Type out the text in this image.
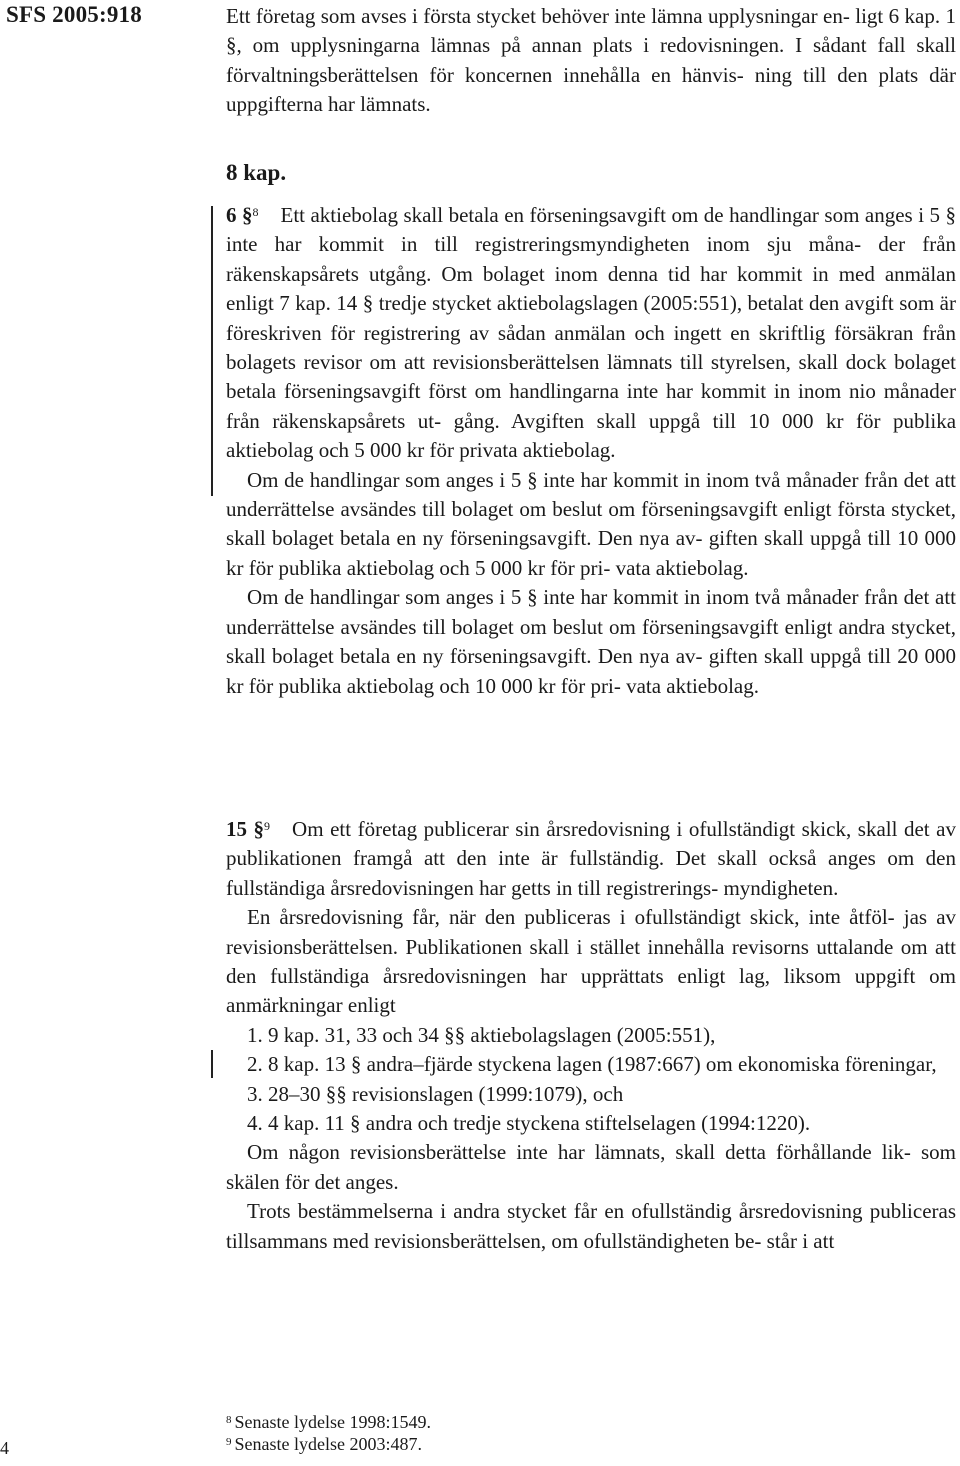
SFS 2005:918	Ett företag som avses i första stycket behöver inte lämna upplysningar en- ligt 6 kap. 1 §, om upplysningarna lämnas på annan plats i redovisningen. I sådant fall skall förvaltningsberättelsen för koncernen innehålla en hänvis- ning till den plats där uppgifterna har lämnats.

8 kap.

6 §$^8$ Ett aktiebolag skall betala en förseningsavgift om de handlingar som anges i 5 § inte har kommit in till registreringsmyndigheten inom sju måna- der från räkenskapsårets utgång. Om bolaget inom denna tid har kommit in med anmälan enligt 7 kap. 14 § tredje stycket aktiebolagslagen (2005:551), betalat den avgift som är föreskriven för registrering av sådan anmälan och ingett en skriftlig försäkran från bolagets revisor om att revisionsberättelsen lämnats till styrelsen, skall dock bolaget betala förseningsavgift först om handlingarna inte har kommit in inom nio månader från räkenskapsårets ut- gång. Avgiften skall uppgå till 10 000 kr för publika aktiebolag och 5 000 kr för privata aktiebolag.

Om de handlingar som anges i 5 § inte har kommit in inom två månader från det att underrättelse avsändes till bolaget om beslut om förseningsavgift enligt första stycket, skall bolaget betala en ny förseningsavgift. Den nya av- giften skall uppgå till 10 000 kr för publika aktiebolag och 5 000 kr för pri- vata aktiebolag.

Om de handlingar som anges i 5 § inte har kommit in inom två månader från det att underrättelse avsändes till bolaget om beslut om förseningsavgift enligt andra stycket, skall bolaget betala en ny förseningsavgift. Den nya av- giften skall uppgå till 20 000 kr för publika aktiebolag och 10 000 kr för pri- vata aktiebolag.

15 §$^9$ Om ett företag publicerar sin årsredovisning i ofullständigt skick, skall det av publikationen framgå att den inte är fullständig. Det skall också anges om den fullständiga årsredovisningen har getts in till registrerings- myndigheten.

En årsredovisning får, när den publiceras i ofullständigt skick, inte åtföl- jas av revisionsberättelsen. Publikationen skall i stället innehålla revisorns uttalande om att den fullständiga årsredovisningen har upprättats enligt lag, liksom uppgift om anmärkningar enligt

1. 9 kap. 31, 33 och 34 §§ aktiebolagslagen (2005:551),

2. 8 kap. 13 § andra–fjärde styckena lagen (1987:667) om ekonomiska föreningar,

3. 28–30 §§ revisionslagen (1999:1079), och

4. 4 kap. 11 § andra och tredje styckena stiftelselagen (1994:1220).

Om någon revisionsberättelse inte har lämnats, skall detta förhållande lik- som skälen för det anges.

Trots bestämmelserna i andra stycket får en ofullständig årsredovisning publiceras tillsammans med revisionsberättelsen, om ofullständigheten be- står i att

$^8$ Senaste lydelse 1998:1549.

$^9$ Senaste lydelse 2003:487.

4
